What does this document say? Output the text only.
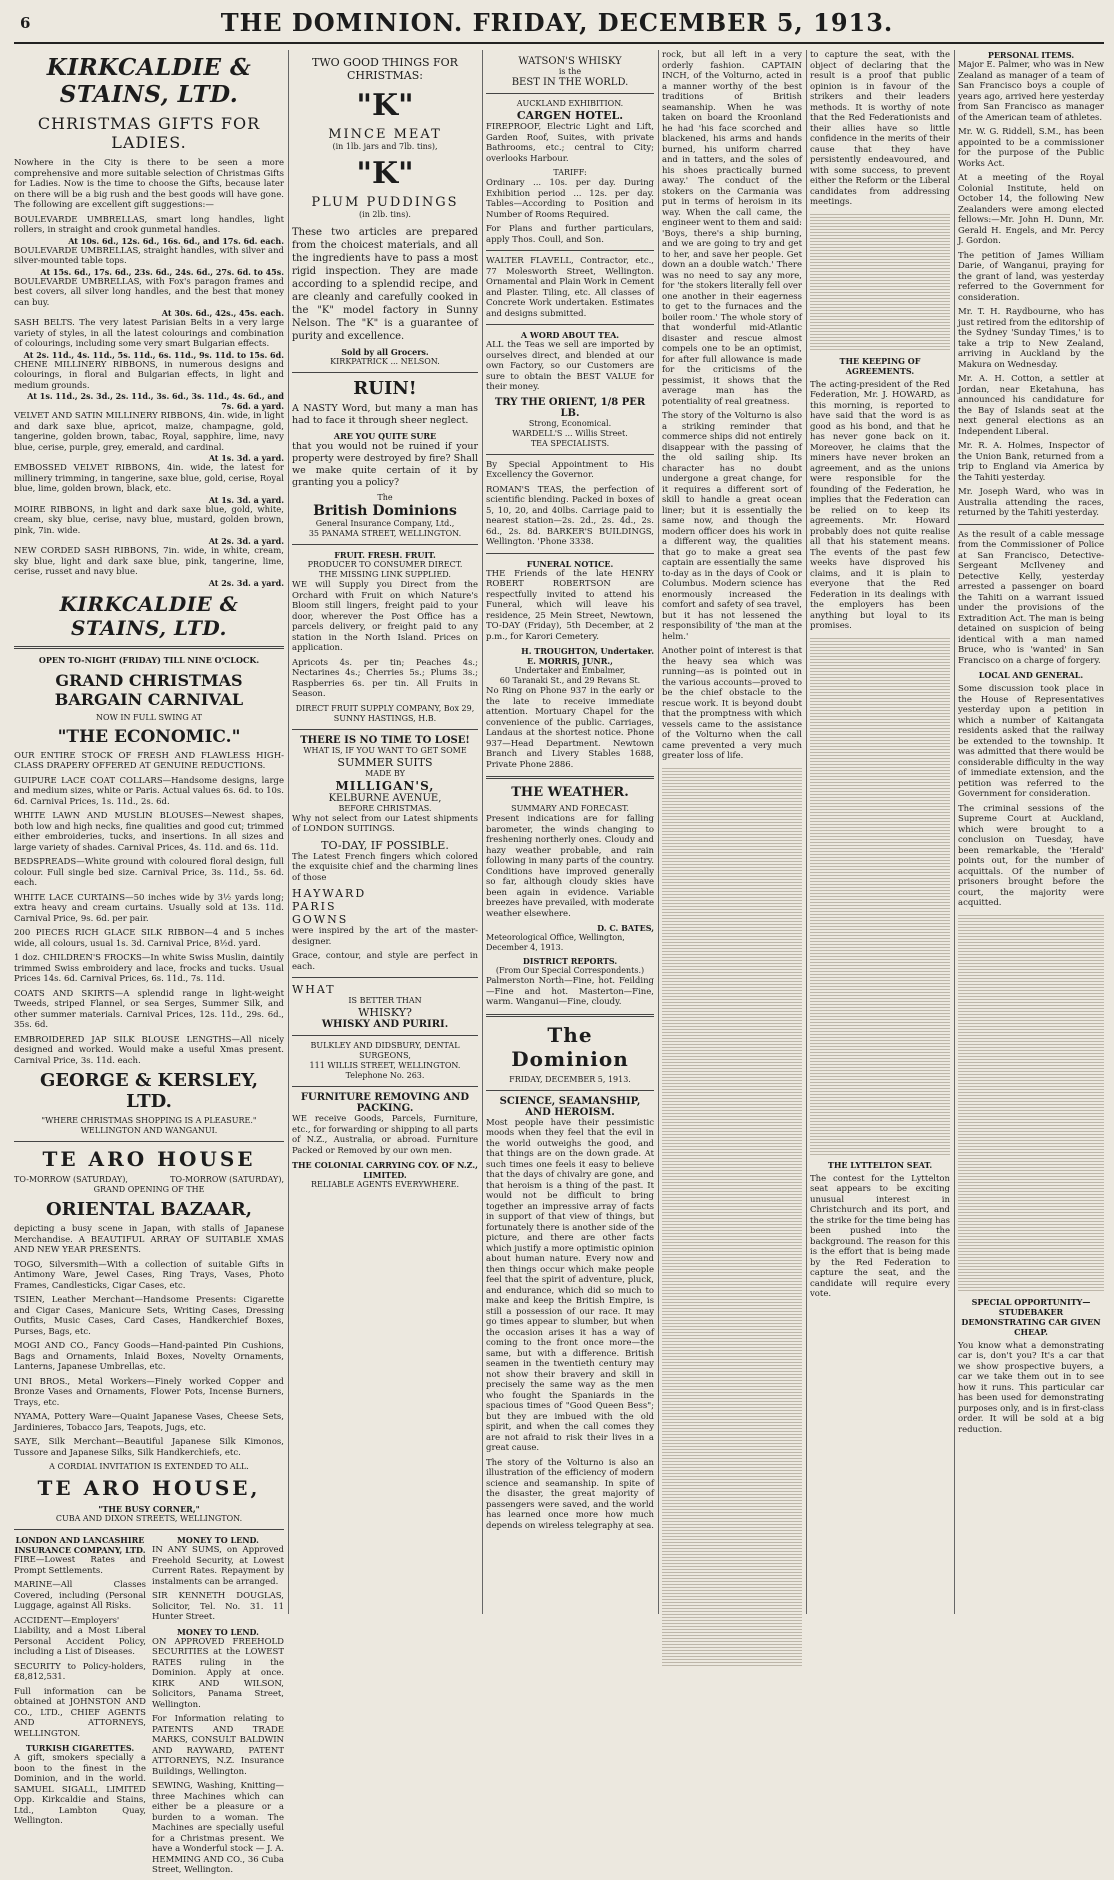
6	THE DOMINION. FRIDAY, DECEMBER 5, 1913.
KIRKCALDIE & STAINS, LTD.
CHRISTMAS GIFTS FOR LADIES.

Nowhere in the City is there to be seen a more comprehensive and more suitable selection of Christmas Gifts for Ladies. Now is the time to choose the Gifts, because later on there will be a big rush and the best goods will have gone. The following are excellent gift suggestions:—

BOULEVARDE UMBRELLAS, smart long handles, light rollers, in straight and crook gunmetal handles.

At 10s. 6d., 12s. 6d., 16s. 6d., and 17s. 6d. each.

BOULEVARDE UMBRELLAS, straight handles, with silver and silver-mounted table tops.

At 15s. 6d., 17s. 6d., 23s. 6d., 24s. 6d., 27s. 6d. to 45s.

BOULEVARDE UMBRELLAS, with Fox's paragon frames and best covers, all silver long handles, and the best that money can buy.

At 30s. 6d., 42s., 45s. each.

SASH BELTS. The very latest Parisian Belts in a very large variety of styles, in all the latest colourings and combination of colourings, including some very smart Bulgarian effects.

At 2s. 11d., 4s. 11d., 5s. 11d., 6s. 11d., 9s. 11d. to 15s. 6d.

CHENE MILLINERY RIBBONS, in numerous designs and colourings, in floral and Bulgarian effects, in light and medium grounds.

At 1s. 11d., 2s. 3d., 2s. 11d., 3s. 6d., 3s. 11d., 4s. 6d., and 7s. 6d. a yard.

VELVET AND SATIN MILLINERY RIBBONS, 4in. wide, in light and dark saxe blue, apricot, maize, champagne, gold, tangerine, golden brown, tabac, Royal, sapphire, lime, navy blue, cerise, purple, grey, emerald, and cardinal.

At 1s. 3d. a yard.

EMBOSSED VELVET RIBBONS, 4in. wide, the latest for millinery trimming, in tangerine, saxe blue, gold, cerise, Royal blue, lime, golden brown, black, etc.

At 1s. 3d. a yard.

MOIRE RIBBONS, in light and dark saxe blue, gold, white, cream, sky blue, cerise, navy blue, mustard, golden brown, pink, 7in. wide.

At 2s. 3d. a yard.

NEW CORDED SASH RIBBONS, 7in. wide, in white, cream, sky blue, light and dark saxe blue, pink, tangerine, lime, cerise, russet and navy blue.

At 2s. 3d. a yard.
KIRKCALDIE & STAINS, LTD.
OPEN TO-NIGHT (FRIDAY) TILL NINE O'CLOCK.
GRAND CHRISTMAS BARGAIN CARNIVAL
NOW IN FULL SWING AT
"THE ECONOMIC."

OUR ENTIRE STOCK OF FRESH AND FLAWLESS HIGH-CLASS DRAPERY OFFERED AT GENUINE REDUCTIONS.

GUIPURE LACE COAT COLLARS—Handsome designs, large and medium sizes, white or Paris. Actual values 6s. 6d. to 10s. 6d. Carnival Prices, 1s. 11d., 2s. 6d.

WHITE LAWN AND MUSLIN BLOUSES—Newest shapes, both low and high necks, fine qualities and good cut; trimmed either embroideries, tucks, and insertions. In all sizes and large variety of shades. Carnival Prices, 4s. 11d. and 6s. 11d.

BEDSPREADS—White ground with coloured floral design, full colour. Full single bed size. Carnival Price, 3s. 11d., 5s. 6d. each.

WHITE LACE CURTAINS—50 inches wide by 3½ yards long; extra heavy and cream curtains. Usually sold at 13s. 11d. Carnival Price, 9s. 6d. per pair.

200 PIECES RICH GLACE SILK RIBBON—4 and 5 inches wide, all colours, usual 1s. 3d. Carnival Price, 8½d. yard.

1 doz. CHILDREN'S FROCKS—In white Swiss Muslin, daintily trimmed Swiss embroidery and lace, frocks and tucks. Usual Prices 14s. 6d. Carnival Prices, 6s. 11d., 7s. 11d.

COATS AND SKIRTS—A splendid range in light-weight Tweeds, striped Flannel, or sea Serges, Summer Silk, and other summer materials. Carnival Prices, 12s. 11d., 29s. 6d., 35s. 6d.

EMBROIDERED JAP SILK BLOUSE LENGTHS—All nicely designed and worked. Would make a useful Xmas present. Carnival Price, 3s. 11d. each.

GEORGE & KERSLEY, LTD.
"WHERE CHRISTMAS SHOPPING IS A PLEASURE."
WELLINGTON AND WANGANUI.
TE ARO HOUSE
TO-MORROW (SATURDAY),	TO-MORROW (SATURDAY),
GRAND OPENING OF THE
ORIENTAL BAZAAR,

depicting a busy scene in Japan, with stalls of Japanese Merchandise. A BEAUTIFUL ARRAY OF SUITABLE XMAS AND NEW YEAR PRESENTS.

TOGO, Silversmith—With a collection of suitable Gifts in Antimony Ware, Jewel Cases, Ring Trays, Vases, Photo Frames, Candlesticks, Cigar Cases, etc.

TSIEN, Leather Merchant—Handsome Presents: Cigarette and Cigar Cases, Manicure Sets, Writing Cases, Dressing Outfits, Music Cases, Card Cases, Handkerchief Boxes, Purses, Bags, etc.

MOGI AND CO., Fancy Goods—Hand-painted Pin Cushions, Bags and Ornaments, Inlaid Boxes, Novelty Ornaments, Lanterns, Japanese Umbrellas, etc.

UNI BROS., Metal Workers—Finely worked Copper and Bronze Vases and Ornaments, Flower Pots, Incense Burners, Trays, etc.

NYAMA, Pottery Ware—Quaint Japanese Vases, Cheese Sets, Jardinieres, Tobacco Jars, Teapots, Jugs, etc.

SAYE, Silk Merchant—Beautiful Japanese Silk Kimonos, Tussore and Japanese Silks, Silk Handkerchiefs, etc.

A CORDIAL INVITATION IS EXTENDED TO ALL.
TE ARO HOUSE,
"THE BUSY CORNER,"
CUBA AND DIXON STREETS, WELLINGTON.
LONDON AND LANCASHIRE INSURANCE COMPANY, LTD.

FIRE—Lowest Rates and Prompt Settlements.

MARINE—All Classes Covered, including (Personal Luggage, against All Risks.

ACCIDENT—Employers' Liability, and a Most Liberal Personal Accident Policy, including a List of Diseases.

SECURITY to Policy-holders, £8,812,531.

Full information can be obtained at JOHNSTON AND CO., LTD., CHIEF AGENTS AND ATTORNEYS, WELLINGTON.

TURKISH CIGARETTES.

A gift, smokers specially a boon to the finest in the Dominion, and in the world. SAMUEL SIGALL, LIMITED Opp. Kirkcaldie and Stains, Ltd., Lambton Quay, Wellington.

MONEY TO LEND.

IN ANY SUMS, on Approved Freehold Security, at Lowest Current Rates. Repayment by instalments can be arranged.

SIR KENNETH DOUGLAS, Solicitor, Tel. No. 31. 11 Hunter Street.

MONEY TO LEND.

ON APPROVED FREEHOLD SECURITIES at the LOWEST RATES ruling in the Dominion. Apply at once. KIRK AND WILSON, Solicitors, Panama Street, Wellington.

For Information relating to PATENTS AND TRADE MARKS, CONSULT BALDWIN AND RAYWARD, PATENT ATTORNEYS, N.Z. Insurance Buildings, Wellington.

SEWING, Washing, Knitting—three Machines which can either be a pleasure or a burden to a woman. The Machines are specially useful for a Christmas present. We have a Wonderful stock — J. A. HEMMING AND CO., 36 Cuba Street, Wellington.

TWO GOOD THINGS FOR CHRISTMAS:
"K"
MINCE MEAT
(in 1lb. jars and 7lb. tins),
"K"
PLUM PUDDINGS
(in 2lb. tins).

These two articles are prepared from the choicest materials, and all the ingredients have to pass a most rigid inspection. They are made according to a splendid recipe, and are cleanly and carefully cooked in the "K" model factory in Sunny Nelson. The "K" is a guarantee of purity and excellence.

Sold by all Grocers.
KIRKPATRICK ... NELSON.
RUIN!

A NASTY Word, but many a man has had to face it through sheer neglect.

ARE YOU QUITE SURE

that you would not be ruined if your property were destroyed by fire? Shall we make quite certain of it by granting you a policy?

The
British Dominions
General Insurance Company, Ltd.,
35 PANAMA STREET, WELLINGTON.
FRUIT. FRESH. FRUIT.
PRODUCER TO CONSUMER DIRECT.
THE MISSING LINK SUPPLIED.

WE will Supply you Direct from the Orchard with Fruit on which Nature's Bloom still lingers, freight paid to your door, wherever the Post Office has a parcels delivery, or freight paid to any station in the North Island. Prices on application.

Apricots 4s. per tin; Peaches 4s.; Nectarines 4s.; Cherries 5s.; Plums 3s.; Raspberries 6s. per tin. All Fruits in Season.

DIRECT FRUIT SUPPLY COMPANY, Box 29, SUNNY HASTINGS, H.B.
THERE IS NO TIME TO LOSE!
WHAT IS, IF YOU WANT TO GET SOME
SUMMER SUITS
MADE BY
MILLIGAN'S,
KELBURNE AVENUE,
BEFORE CHRISTMAS.

Why not select from our Latest shipments of LONDON SUITINGS.

TO-DAY, IF POSSIBLE.

The Latest French fingers which colored the exquisite chief and the charming lines of those

HAYWARD
PARIS
GOWNS

were inspired by the art of the master-designer.

Grace, contour, and style are perfect in each.

WHAT
IS BETTER THAN
WHISKY?
WHISKY AND PURIRI.
BULKLEY AND DIDSBURY, DENTAL SURGEONS,
111 WILLIS STREET, WELLINGTON. Telephone No. 263.
FURNITURE REMOVING AND PACKING.

WE receive Goods, Parcels, Furniture, etc., for forwarding or shipping to all parts of N.Z., Australia, or abroad. Furniture Packed or Removed by our own men.

THE COLONIAL CARRYING COY. OF N.Z., LIMITED.
RELIABLE AGENTS EVERYWHERE.
WATSON'S WHISKY
is the
BEST IN THE WORLD.
AUCKLAND EXHIBITION.
CARGEN HOTEL.

FIREPROOF, Electric Light and Lift, Garden Roof, Suites, with private Bathrooms, etc.; central to City; overlooks Harbour.

TARIFF:

Ordinary ... 10s. per day. During Exhibition period ... 12s. per day. Tables—According to Position and Number of Rooms Required.

For Plans and further particulars, apply Thos. Coull, and Son.

WALTER FLAVELL, Contractor, etc., 77 Molesworth Street, Wellington. Ornamental and Plain Work in Cement and Plaster. Tiling, etc. All classes of Concrete Work undertaken. Estimates and designs submitted.

A WORD ABOUT TEA.

ALL the Teas we sell are imported by ourselves direct, and blended at our own Factory, so our Customers are sure to obtain the BEST VALUE for their money.

TRY THE ORIENT, 1/8 PER LB.
Strong, Economical.
WARDELL'S ... Willis Street.
TEA SPECIALISTS.

By Special Appointment to His Excellency the Governor.

ROMAN'S TEAS, the perfection of scientific blending. Packed in boxes of 5, 10, 20, and 40lbs. Carriage paid to nearest station—2s. 2d., 2s. 4d., 2s. 6d., 2s. 8d. BARKER'S BUILDINGS, Wellington. 'Phone 3338.

FUNERAL NOTICE.

THE Friends of the late HENRY ROBERT ROBERTSON are respectfully invited to attend his Funeral, which will leave his residence, 25 Mein Street, Newtown, TO-DAY (Friday), 5th December, at 2 p.m., for Karori Cemetery.

H. TROUGHTON, Undertaker.
E. MORRIS, JUNR.,
Undertaker and Embalmer,
60 Taranaki St., and 29 Revans St.

No Ring on Phone 937 in the early or the late to receive immediate attention. Mortuary Chapel for the convenience of the public. Carriages, Landaus at the shortest notice. Phone 937—Head Department. Newtown Branch and Livery Stables 1688, Private Phone 2886.

THE WEATHER.
SUMMARY AND FORECAST.

Present indications are for falling barometer, the winds changing to freshening northerly ones. Cloudy and hazy weather probable, and rain following in many parts of the country. Conditions have improved generally so far, although cloudy skies have been again in evidence. Variable breezes have prevailed, with moderate weather elsewhere.

D. C. BATES,
Meteorological Office, Wellington, December 4, 1913.
DISTRICT REPORTS.
(From Our Special Correspondents.)

Palmerston North—Fine, hot. Feilding—Fine and hot. Masterton—Fine, warm. Wanganui—Fine, cloudy.

The Dominion
FRIDAY, DECEMBER 5, 1913.
SCIENCE, SEAMANSHIP, AND HEROISM.

Most people have their pessimistic moods when they feel that the evil in the world outweighs the good, and that things are on the down grade. At such times one feels it easy to believe that the days of chivalry are gone, and that heroism is a thing of the past. It would not be difficult to bring together an impressive array of facts in support of that view of things, but fortunately there is another side of the picture, and there are other facts which justify a more optimistic opinion about human nature. Every now and then things occur which make people feel that the spirit of adventure, pluck, and endurance, which did so much to make and keep the British Empire, is still a possession of our race. It may go times appear to slumber, but when the occasion arises it has a way of coming to the front once more—the same, but with a difference. British seamen in the twentieth century may not show their bravery and skill in precisely the same way as the men who fought the Spaniards in the spacious times of "Good Queen Bess"; but they are imbued with the old spirit, and when the call comes they are not afraid to risk their lives in a great cause.

The story of the Volturno is also an illustration of the efficiency of modern science and seamanship. In spite of the disaster, the great majority of passengers were saved, and the world has learned once more how much depends on wireless telegraphy at sea.

rock, but all left in a very orderly fashion. CAPTAIN INCH, of the Volturno, acted in a manner worthy of the best traditions of British seamanship. When he was taken on board the Kroonland he had 'his face scorched and blackened, his arms and hands burned, his uniform charred and in tatters, and the soles of his shoes practically burned away.' The conduct of the stokers on the Carmania was put in terms of heroism in its way. When the call came, the engineer went to them and said: 'Boys, there's a ship burning, and we are going to try and get to her, and save her people. Get down an a double watch.' There was no need to say any more, for 'the stokers literally fell over one another in their eagerness to get to the furnaces and the boiler room.' The whole story of that wonderful mid-Atlantic disaster and rescue almost compels one to be an optimist, for after full allowance is made for the criticisms of the pessimist, it shows that the average man has the potentiality of real greatness.

The story of the Volturno is also a striking reminder that commerce ships did not entirely disappear with the passing of the old sailing ship. Its character has no doubt undergone a great change, for it requires a different sort of skill to handle a great ocean liner; but it is essentially the same now, and though the modern officer does his work in a different way, the qualities that go to make a great sea captain are essentially the same to-day as in the days of Cook or Columbus. Modern science has enormously increased the comfort and safety of sea travel, but it has not lessened the responsibility of 'the man at the helm.'

Another point of interest is that the heavy sea which was running—as is pointed out in the various accounts—proved to be the chief obstacle to the rescue work. It is beyond doubt that the promptness with which vessels came to the assistance of the Volturno when the call came prevented a very much greater loss of life.

to capture the seat, with the object of declaring that the result is a proof that public opinion is in favour of the strikers and their leaders methods. It is worthy of note that the Red Federationists and their allies have so little confidence in the merits of their cause that they have persistently endeavoured, and with some success, to prevent either the Reform or the Liberal candidates from addressing meetings.

THE KEEPING OF AGREEMENTS.

The acting-president of the Red Federation, Mr. J. HOWARD, as this morning, is reported to have said that the word is as good as his bond, and that he has never gone back on it. Moreover, he claims that the miners have never broken an agreement, and as the unions were responsible for the founding of the Federation, he implies that the Federation can be relied on to keep its agreements. Mr. Howard probably does not quite realise all that his statement means. The events of the past few weeks have disproved his claims, and it is plain to everyone that the Red Federation in its dealings with the employers has been anything but loyal to its promises.

THE LYTTELTON SEAT.

The contest for the Lyttelton seat appears to be exciting unusual interest in Christchurch and its port, and the strike for the time being has been pushed into the background. The reason for this is the effort that is being made by the Red Federation to capture the seat, and the candidate will require every vote.

PERSONAL ITEMS.

Major E. Palmer, who was in New Zealand as manager of a team of San Francisco boys a couple of years ago, arrived here yesterday from San Francisco as manager of the American team of athletes.

Mr. W. G. Riddell, S.M., has been appointed to be a commissioner for the purpose of the Public Works Act.

At a meeting of the Royal Colonial Institute, held on October 14, the following New Zealanders were among elected fellows:—Mr. John H. Dunn, Mr. Gerald H. Engels, and Mr. Percy J. Gordon.

The petition of James William Darie, of Wanganui, praying for the grant of land, was yesterday referred to the Government for consideration.

Mr. T. H. Raydbourne, who has just retired from the editorship of the Sydney 'Sunday Times,' is to take a trip to New Zealand, arriving in Auckland by the Makura on Wednesday.

Mr. A. H. Cotton, a settler at Jordan, near Eketahuna, has announced his candidature for the Bay of Islands seat at the next general elections as an Independent Liberal.

Mr. R. A. Holmes, Inspector of the Union Bank, returned from a trip to England via America by the Tahiti yesterday.

Mr. Joseph Ward, who was in Australia attending the races, returned by the Tahiti yesterday.

As the result of a cable message from the Commissioner of Police at San Francisco, Detective-Sergeant McIlveney and Detective Kelly, yesterday arrested a passenger on board the Tahiti on a warrant issued under the provisions of the Extradition Act. The man is being detained on suspicion of being identical with a man named Bruce, who is 'wanted' in San Francisco on a charge of forgery.

LOCAL AND GENERAL.

Some discussion took place in the House of Representatives yesterday upon a petition in which a number of Kaitangata residents asked that the railway be extended to the township. It was admitted that there would be considerable difficulty in the way of immediate extension, and the petition was referred to the Government for consideration.

The criminal sessions of the Supreme Court at Auckland, which were brought to a conclusion on Tuesday, have been remarkable, the 'Herald' points out, for the number of acquittals. Of the number of prisoners brought before the court, the majority were acquitted.

SPECIAL OPPORTUNITY—STUDEBAKER DEMONSTRATING CAR GIVEN CHEAP.

You know what a demonstrating car is, don't you? It's a car that we show prospective buyers, a car we take them out in to see how it runs. This particular car has been used for demonstrating purposes only, and is in first-class order. It will be sold at a big reduction.
